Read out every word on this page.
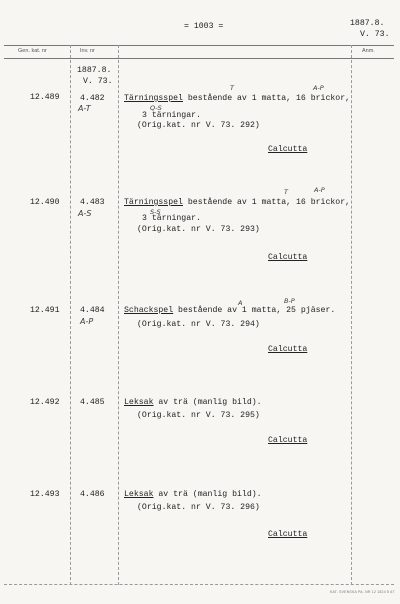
= 1003 =	1887.8.
V. 73.
Gen. kat. nr	Inv. nr	Anm.
1887.8.
V. 73.
12.489	4.482
A-T
T	A-P
Tärningsspel bestående av 1 matta, 16 brickor,
Q-S
3 tärningar.
(Orig.kat. nr V. 73. 292)
Calcutta
12.490	4.483
A-S
T	A-P
Tärningsspel bestående av 1 matta, 16 brickor,
S-S
3 tärningar.
(Orig.kat. nr V. 73. 293)
Calcutta
12.491	4.484
A-P
A	B-P
Schackspel bestående av 1 matta, 25 pjäser.
(Orig.kat. nr V. 73. 294)
Calcutta
12.492	4.485 Leksak av trä (manlig bild).
(Orig.kat. nr V. 73. 295)
Calcutta
12.493	4.486 Leksak av trä (manlig bild).
(Orig.kat. nr V. 73. 296)
Calcutta
KAT. SVENSKA PA. NR 12 1824 5 67
